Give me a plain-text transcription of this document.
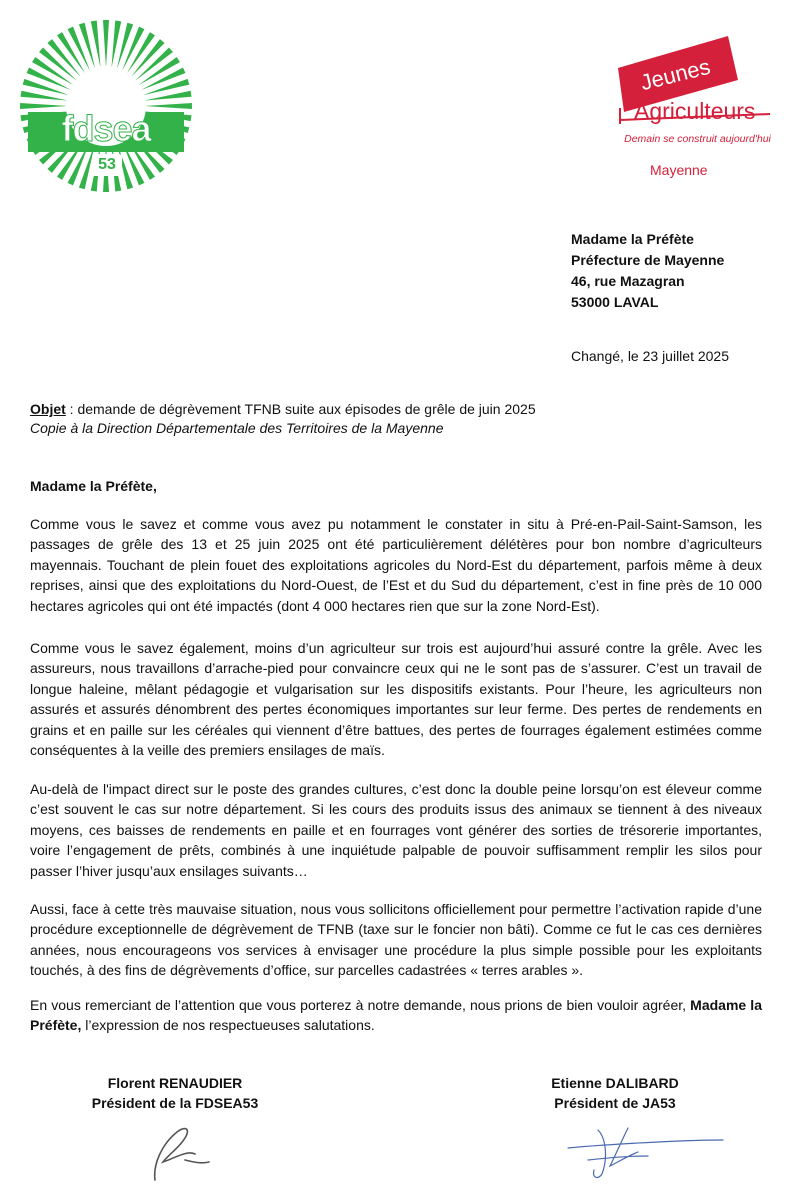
fdsea
53
Jeunes
Agriculteurs
Demain se construit aujourd'hui
Mayenne
Madame la Préfète
Préfecture de Mayenne
46, rue Mazagran
53000 LAVAL
Changé, le 23 juillet 2025
Objet : demande de dégrèvement TFNB suite aux épisodes de grêle de juin 2025
Copie à la Direction Départementale des Territoires de la Mayenne
Madame la Préfète,
Comme vous le savez et comme vous avez pu notamment le constater in situ à Pré-en-Pail-Saint-Samson, les passages de grêle des 13 et 25 juin 2025 ont été particulièrement délétères pour bon nombre d’agriculteurs mayennais. Touchant de plein fouet des exploitations agricoles du Nord-Est du département, parfois même à deux reprises, ainsi que des exploitations du Nord-Ouest, de l’Est et du Sud du département, c’est in fine près de 10 000 hectares agricoles qui ont été impactés (dont 4 000 hectares rien que sur la zone Nord-Est).
Comme vous le savez également, moins d’un agriculteur sur trois est aujourd’hui assuré contre la grêle. Avec les assureurs, nous travaillons d’arrache-pied pour convaincre ceux qui ne le sont pas de s’assurer. C’est un travail de longue haleine, mêlant pédagogie et vulgarisation sur les dispositifs existants. Pour l’heure, les agriculteurs non assurés et assurés dénombrent des pertes économiques importantes sur leur ferme. Des pertes de rendements en grains et en paille sur les céréales qui viennent d’être battues, des pertes de fourrages également estimées comme conséquentes à la veille des premiers ensilages de maïs.
Au-delà de l'impact direct sur le poste des grandes cultures, c’est donc la double peine lorsqu’on est éleveur comme c’est souvent le cas sur notre département. Si les cours des produits issus des animaux se tiennent à des niveaux moyens, ces baisses de rendements en paille et en fourrages vont générer des sorties de trésorerie importantes, voire l’engagement de prêts, combinés à une inquiétude palpable de pouvoir suffisamment remplir les silos pour passer l’hiver jusqu’aux ensilages suivants…
Aussi, face à cette très mauvaise situation, nous vous sollicitons officiellement pour permettre l’activation rapide d’une procédure exceptionnelle de dégrèvement de TFNB (taxe sur le foncier non bâti). Comme ce fut le cas ces dernières années, nous encourageons vos services à envisager une procédure la plus simple possible pour les exploitants touchés, à des fins de dégrèvements d’office, sur parcelles cadastrées « terres arables ».
En vous remerciant de l’attention que vous porterez à notre demande, nous prions de bien vouloir agréer, Madame la Préfète, l’expression de nos respectueuses salutations.
Florent RENAUDIER
Président de la FDSEA53
Etienne DALIBARD
Président de JA53
